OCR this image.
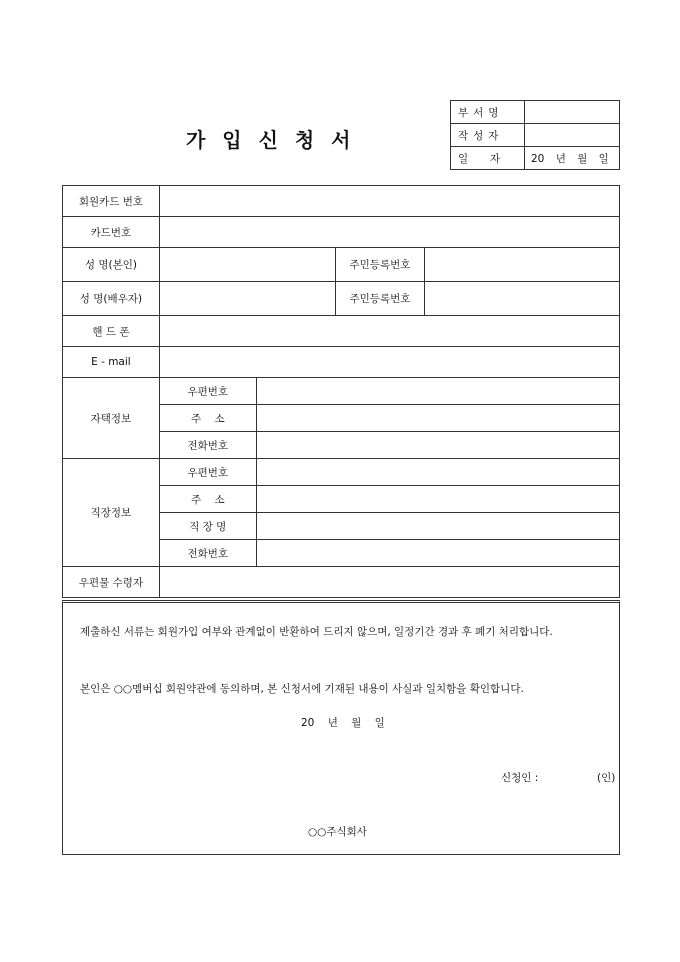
가 입 신 청 서
부서명	
작성자	
일  자	20 년 월 일
회원카드 번호				
카드번호				
성 명(본인)			주민등록번호	
성 명(배우자)			주민등록번호	
핸 드 폰				
E - mail				
자택정보	우편번호			
	주    소			
	전화번호			
직장정보	우편번호			
	주    소			
	직 장 명			
	전화번호			
우편물 수령자				
제출하신 서류는 회원가입 여부와 관계없이 반환하여 드리지 않으며, 일정기간 경과 후 폐기 처리합니다.
본인은 ○○멤버십 회원약관에 동의하며, 본 신청서에 기재된 내용이 사실과 일치함을 확인합니다.
20 년 월 일
신청인 :	(인)
○○주식회사
